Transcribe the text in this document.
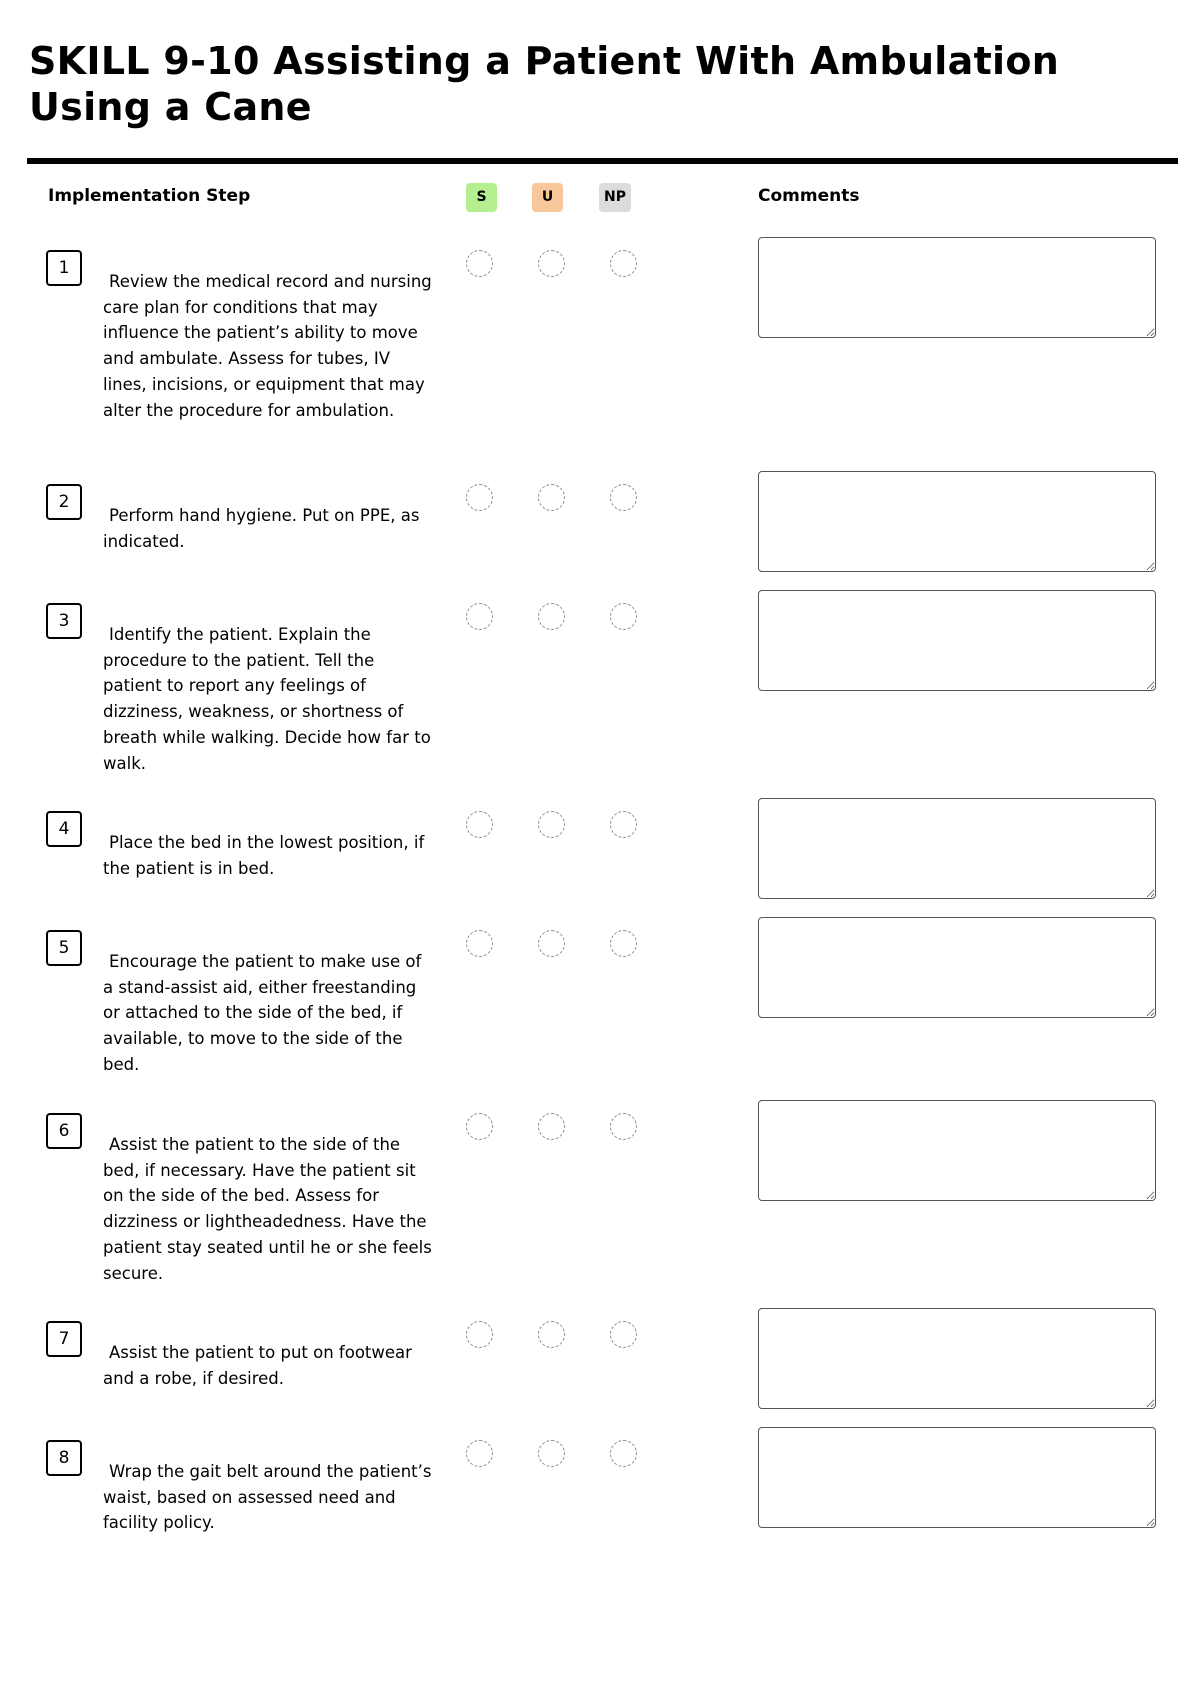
SKILL 9-10 Assisting a Patient With Ambulation Using a Cane
Implementation Step	S	U	NP	Comments
1

Review the medical record and nursing care plan for conditions that may influence the patient’s ability to move and ambulate. Assess for tubes, IV lines, incisions, or equipment that may alter the procedure for ambulation.

2

Perform hand hygiene. Put on PPE, as indicated.

3

Identify the patient. Explain the procedure to the patient. Tell the patient to report any feelings of dizziness, weakness, or shortness of breath while walking. Decide how far to walk.

4

Place the bed in the lowest position, if the patient is in bed.

5

Encourage the patient to make use of a stand-assist aid, either freestanding or attached to the side of the bed, if available, to move to the side of the bed.

6

Assist the patient to the side of the bed, if necessary. Have the patient sit on the side of the bed. Assess for dizziness or lightheadedness. Have the patient stay seated until he or she feels secure.

7

Assist the patient to put on footwear and a robe, if desired.

8

Wrap the gait belt around the patient’s waist, based on assessed need and facility policy.
